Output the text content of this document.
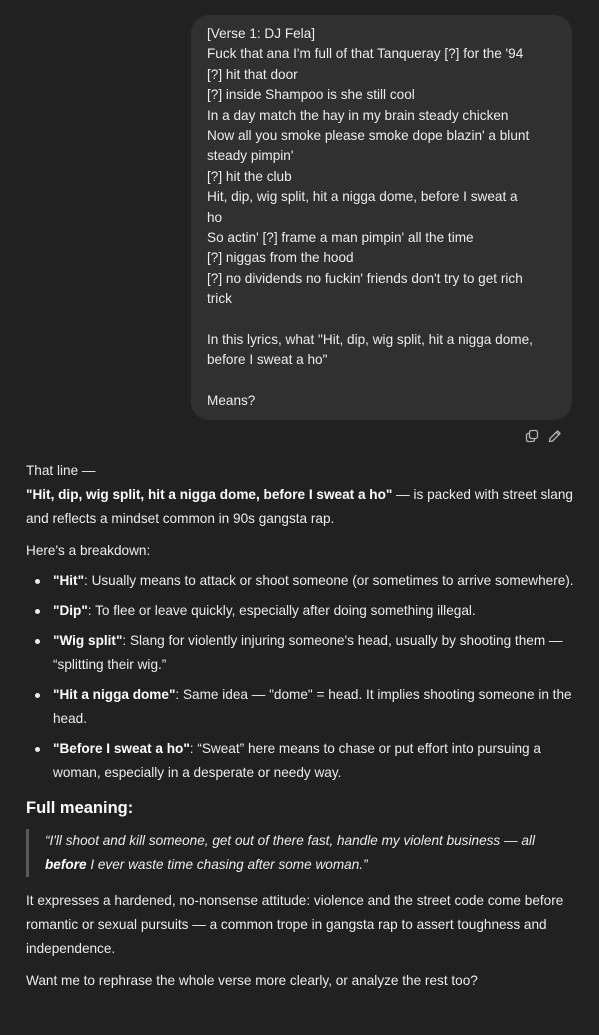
[Verse 1: DJ Fela]
Fuck that ana I'm full of that Tanqueray [?] for the '94
[?] hit that door
[?] inside Shampoo is she still cool
In a day match the hay in my brain steady chicken
Now all you smoke please smoke dope blazin' a blunt
steady pimpin'
[?] hit the club
Hit, dip, wig split, hit a nigga dome, before I sweat a
ho
So actin' [?] frame a man pimpin' all the time
[?] niggas from the hood
[?] no dividends no fuckin' friends don't try to get rich
trick
In this lyrics, what "Hit, dip, wig split, hit a nigga dome,
before I sweat a ho"
Means?

That line —

"Hit, dip, wig split, hit a nigga dome, before I sweat a ho" — is packed with street slang and reflects a mindset common in 90s gangsta rap.

Here's a breakdown:

"Hit": Usually means to attack or shoot someone (or sometimes to arrive somewhere).
"Dip": To flee or leave quickly, especially after doing something illegal.
"Wig split": Slang for violently injuring someone's head, usually by shooting them — “splitting their wig.”
"Hit a nigga dome": Same idea — "dome" = head. It implies shooting someone in the head.
"Before I sweat a ho": “Sweat” here means to chase or put effort into pursuing a woman, especially in a desperate or needy way.
Full meaning:
“I'll shoot and kill someone, get out of there fast, handle my violent business — all before I ever waste time chasing after some woman.”

It expresses a hardened, no-nonsense attitude: violence and the street code come before romantic or sexual pursuits — a common trope in gangsta rap to assert toughness and independence.

Want me to rephrase the whole verse more clearly, or analyze the rest too?
